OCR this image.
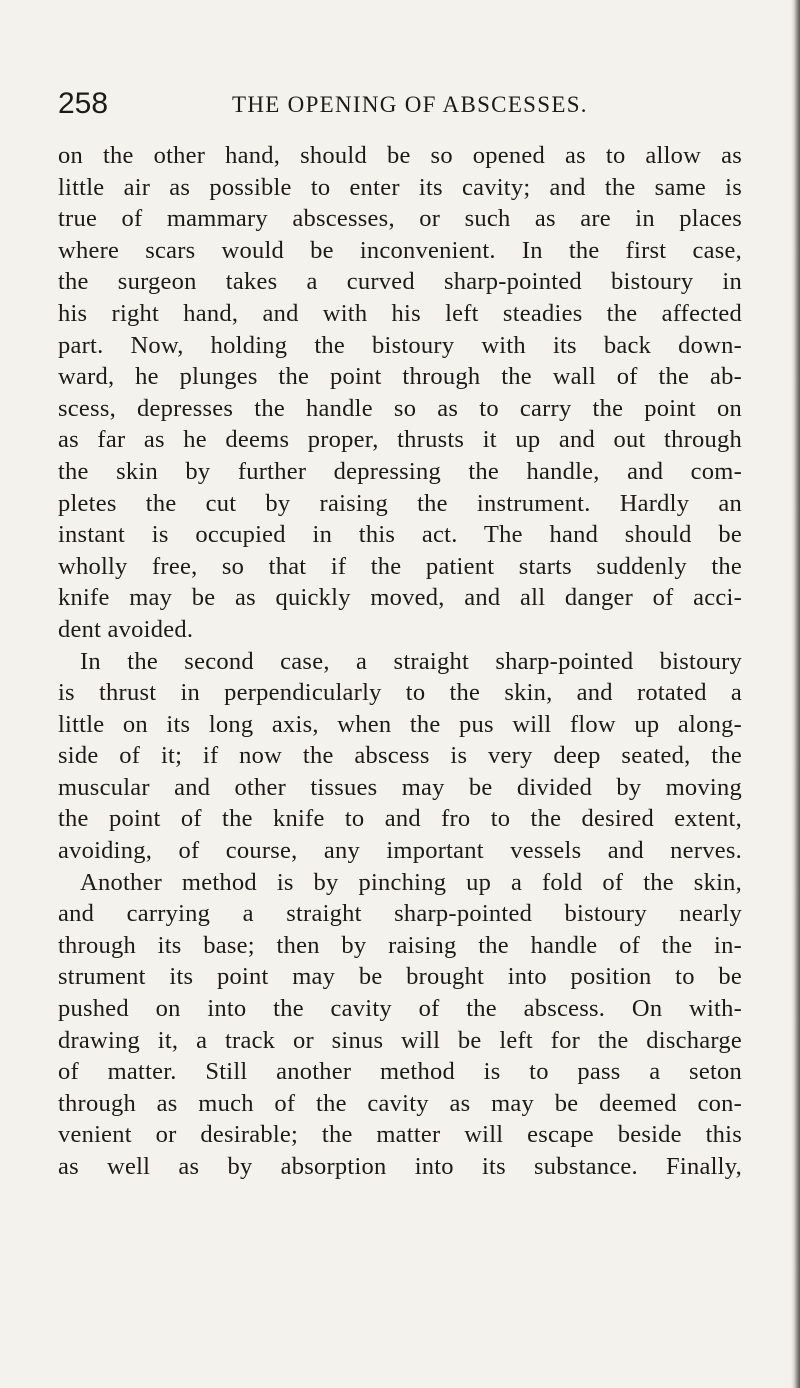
258	THE OPENING OF ABSCESSES.
on the other hand, should be so opened as to allow as
little air as possible to enter its cavity; and the same is
true of mammary abscesses, or such as are in places
where scars would be inconvenient. In the first case,
the surgeon takes a curved sharp-pointed bistoury in
his right hand, and with his left steadies the affected
part. Now, holding the bistoury with its back down-
ward, he plunges the point through the wall of the ab-
scess, depresses the handle so as to carry the point on
as far as he deems proper, thrusts it up and out through
the skin by further depressing the handle, and com-
pletes the cut by raising the instrument. Hardly an
instant is occupied in this act. The hand should be
wholly free, so that if the patient starts suddenly the
knife may be as quickly moved, and all danger of acci-
dent avoided.
In the second case, a straight sharp-pointed bistoury
is thrust in perpendicularly to the skin, and rotated a
little on its long axis, when the pus will flow up along-
side of it; if now the abscess is very deep seated, the
muscular and other tissues may be divided by moving
the point of the knife to and fro to the desired extent,
avoiding, of course, any important vessels and nerves.
Another method is by pinching up a fold of the skin,
and carrying a straight sharp-pointed bistoury nearly
through its base; then by raising the handle of the in-
strument its point may be brought into position to be
pushed on into the cavity of the abscess. On with-
drawing it, a track or sinus will be left for the discharge
of matter. Still another method is to pass a seton
through as much of the cavity as may be deemed con-
venient or desirable; the matter will escape beside this
as well as by absorption into its substance. Finally,
